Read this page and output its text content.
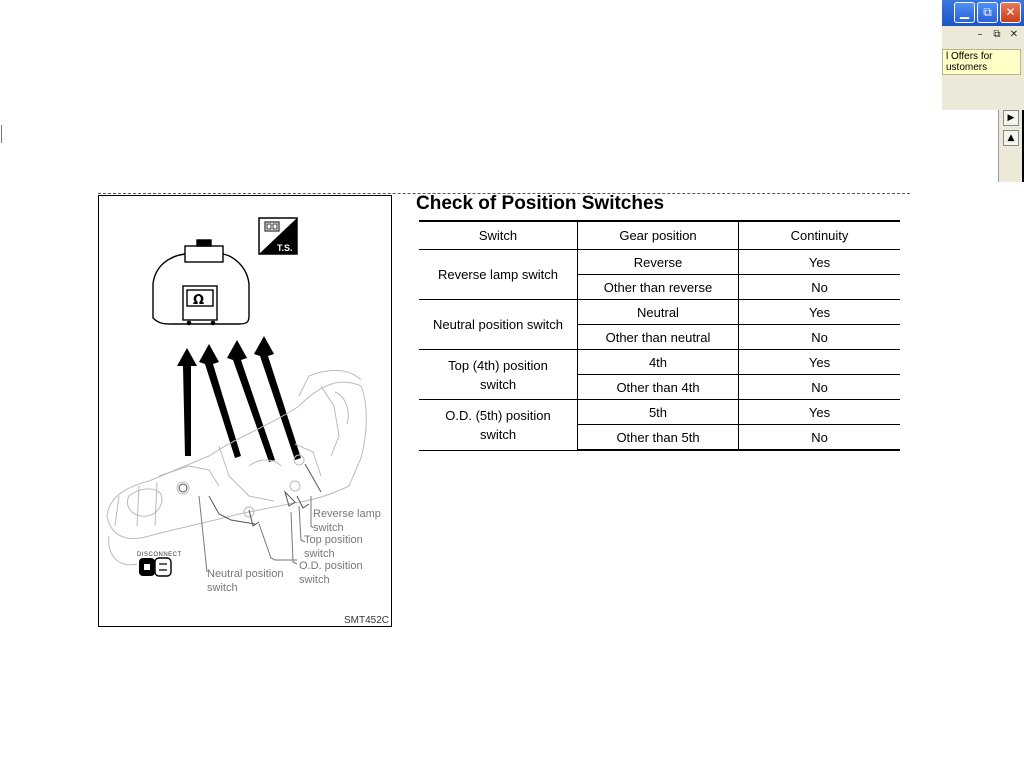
▁	⧉	✕
–	⧉ ✕
l Offers for
ustomers
▶
▲
T.S.
Ω
DISCONNECT
Reverse lamp
switch
Top position
switch
O.D. position
switch
Neutral position
switch
SMT452C
Check of Position Switches
Switch	Gear position	Continuity
Reverse lamp switch	Reverse	Yes
	Other than reverse	No
Neutral position switch	Neutral	Yes
	Other than neutral	No

Top (4th) position
switch	4th	Yes
	Other than 4th	No

O.D. (5th) position
switch	5th	Yes
	Other than 5th	No
